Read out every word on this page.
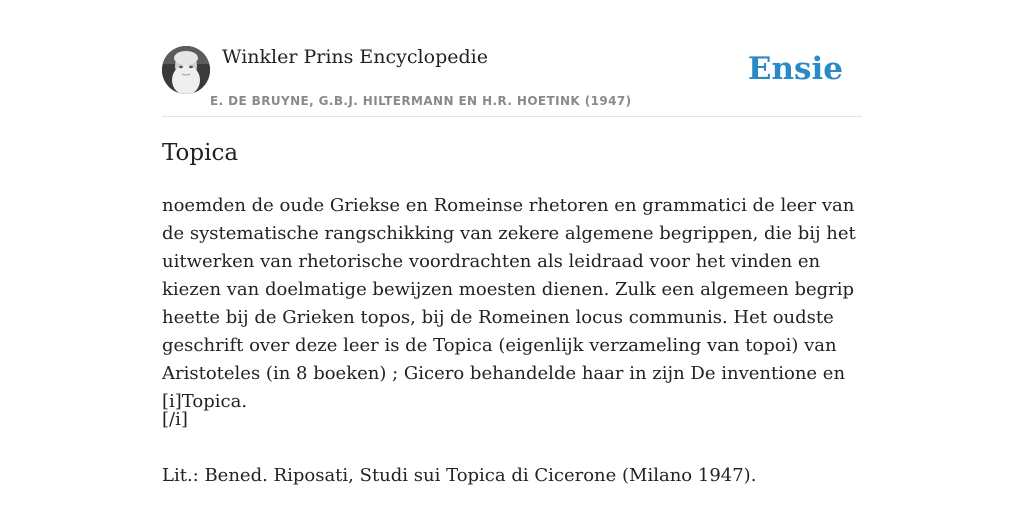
Winkler Prins Encyclopedie
E. DE BRUYNE, G.B.J. HILTERMANN EN H.R. HOETINK (1947)
Ensie
Topica

noemden de oude Griekse en Romeinse rhetoren en grammatici de leer van de systematische rangschikking van zekere algemene begrippen, die bij het uitwerken van rhetorische voordrachten als leidraad voor het vinden en kiezen van doelmatige bewijzen moesten dienen. Zulk een algemeen begrip heette bij de Grieken topos, bij de Romeinen locus communis. Het oudste geschrift over deze leer is de Topica (eigenlijk verzameling van topoi) van Aristoteles (in 8 boeken) ; Gicero behandelde haar in zijn De inventione en [i]Topica.

[/i]

Lit.: Bened. Riposati, Studi sui Topica di Cicerone (Milano 1947).
